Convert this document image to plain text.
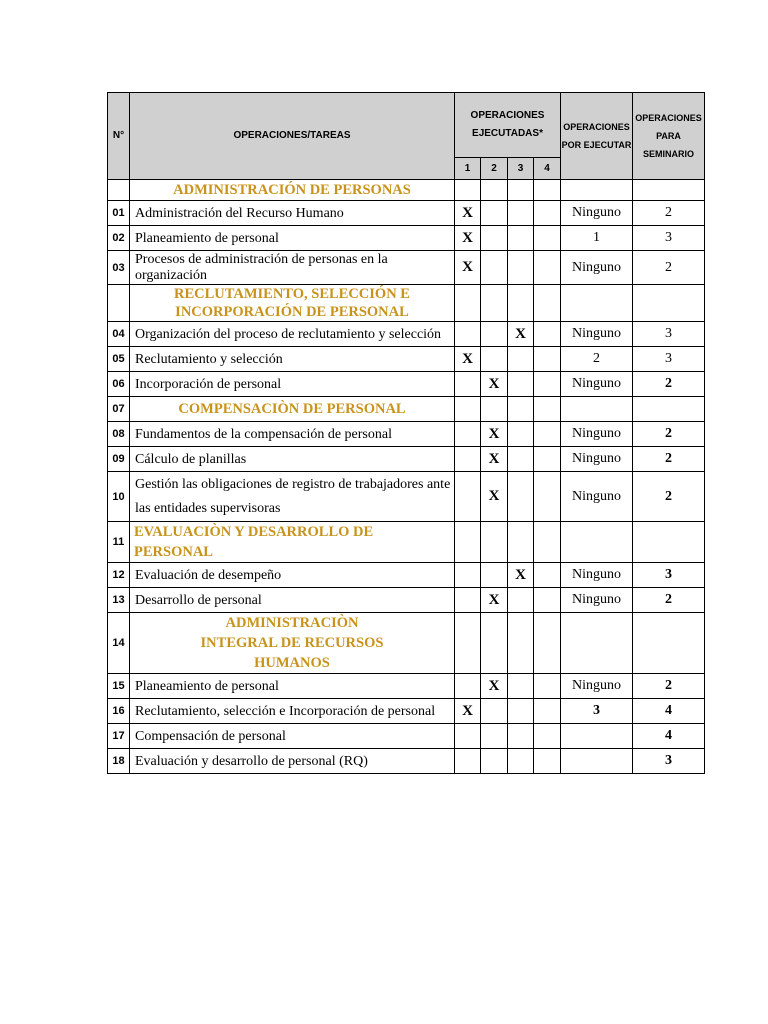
N°	OPERACIONES/TAREAS	OPERACIONES EJECUTADAS*				OPERACIONES POR EJECUTAR	OPERACIONES PARA SEMINARIO
		1	2	3	4		
	ADMINISTRACIÓN DE PERSONAS						
01	Administración del Recurso Humano	X				Ninguno	2
02	Planeamiento de personal	X				1	3
03	Procesos de administración de personas en la organización	X				Ninguno	2
	RECLUTAMIENTO, SELECCIÓN E INCORPORACIÓN DE PERSONAL						
04	Organización del proceso de reclutamiento y selección			X		Ninguno	3
05	Reclutamiento y selección	X				2	3
06	Incorporación de personal		X			Ninguno	2
07	COMPENSACIÒN DE PERSONAL						
08	Fundamentos de la compensación de personal		X			Ninguno	2
09	Cálculo de planillas		X			Ninguno	2
10	Gestión las obligaciones de registro de trabajadores ante las entidades supervisoras		X			Ninguno	2
11	EVALUACIÒN Y DESARROLLO DE PERSONAL						
12	Evaluación de desempeño			X		Ninguno	3
13	Desarrollo de personal		X			Ninguno	2
14	ADMINISTRACIÒN INTEGRAL DE RECURSOS HUMANOS						
15	Planeamiento de personal		X			Ninguno	2
16	Reclutamiento, selección e Incorporación de personal	X				3	4
17	Compensación de personal						4
18	Evaluación y desarrollo de personal (RQ)						3
